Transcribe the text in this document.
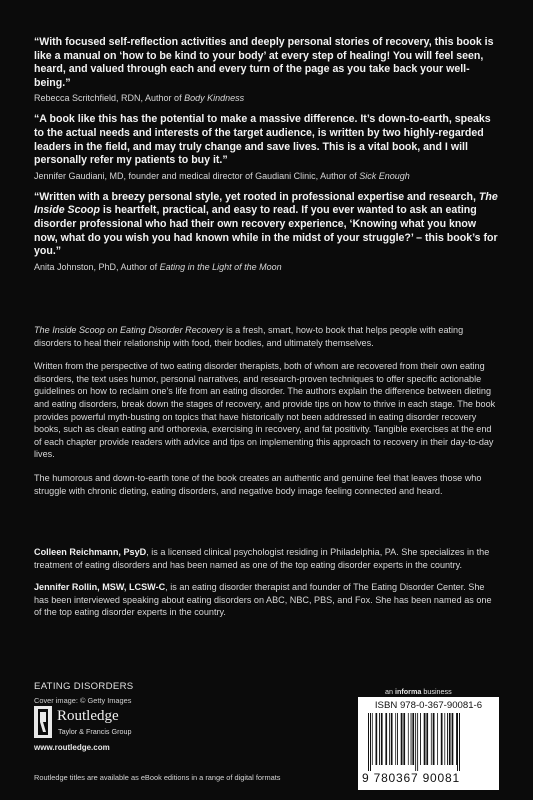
“With focused self-reflection activities and deeply personal stories of recovery, this book is like a manual on ‘how to be kind to your body’ at every step of healing! You will feel seen, heard, and valued through each and every turn of the page as you take back your well-being.”

Rebecca Scritchfield, RDN, Author of Body Kindness

“A book like this has the potential to make a massive difference. It’s down-to-earth, speaks to the actual needs and interests of the target audience, is written by two highly-regarded leaders in the field, and may truly change and save lives. This is a vital book, and I will personally refer my patients to buy it.”

Jennifer Gaudiani, MD, founder and medical director of Gaudiani Clinic, Author of Sick Enough

“Written with a breezy personal style, yet rooted in professional expertise and research, The Inside Scoop is heartfelt, practical, and easy to read. If you ever wanted to ask an eating disorder professional who had their own recovery experience, ‘Knowing what you know now, what do you wish you had known while in the midst of your struggle?’ – this book’s for you.”

Anita Johnston, PhD, Author of Eating in the Light of the Moon

The Inside Scoop on Eating Disorder Recovery is a fresh, smart, how-to book that helps people with eating disorders to heal their relationship with food, their bodies, and ultimately themselves.

Written from the perspective of two eating disorder therapists, both of whom are recovered from their own eating disorders, the text uses humor, personal narratives, and research-proven techniques to offer specific actionable guidelines on how to reclaim one’s life from an eating disorder. The authors explain the difference between dieting and eating disorders, break down the stages of recovery, and provide tips on how to thrive in each stage. The book provides powerful myth-busting on topics that have historically not been addressed in eating disorder recovery books, such as clean eating and orthorexia, exercising in recovery, and fat positivity. Tangible exercises at the end of each chapter provide readers with advice and tips on implementing this approach to recovery in their day-to-day lives.

The humorous and down-to-earth tone of the book creates an authentic and genuine feel that leaves those who struggle with chronic dieting, eating disorders, and negative body image feeling connected and heard.

Colleen Reichmann, PsyD, is a licensed clinical psychologist residing in Philadelphia, PA. She specializes in the treatment of eating disorders and has been named as one of the top eating disorder experts in the country.

Jennifer Rollin, MSW, LCSW-C, is an eating disorder therapist and founder of The Eating Disorder Center. She has been interviewed speaking about eating disorders on ABC, NBC, PBS, and Fox. She has been named as one of the top eating disorder experts in the country.

EATING DISORDERS
Cover image: © Getty Images
an informa business
Routledge
Taylor & Francis Group
www.routledge.com
Routledge titles are available as eBook editions in a range of digital formats
ISBN 978-0-367-90081-6
9 780367 90081
